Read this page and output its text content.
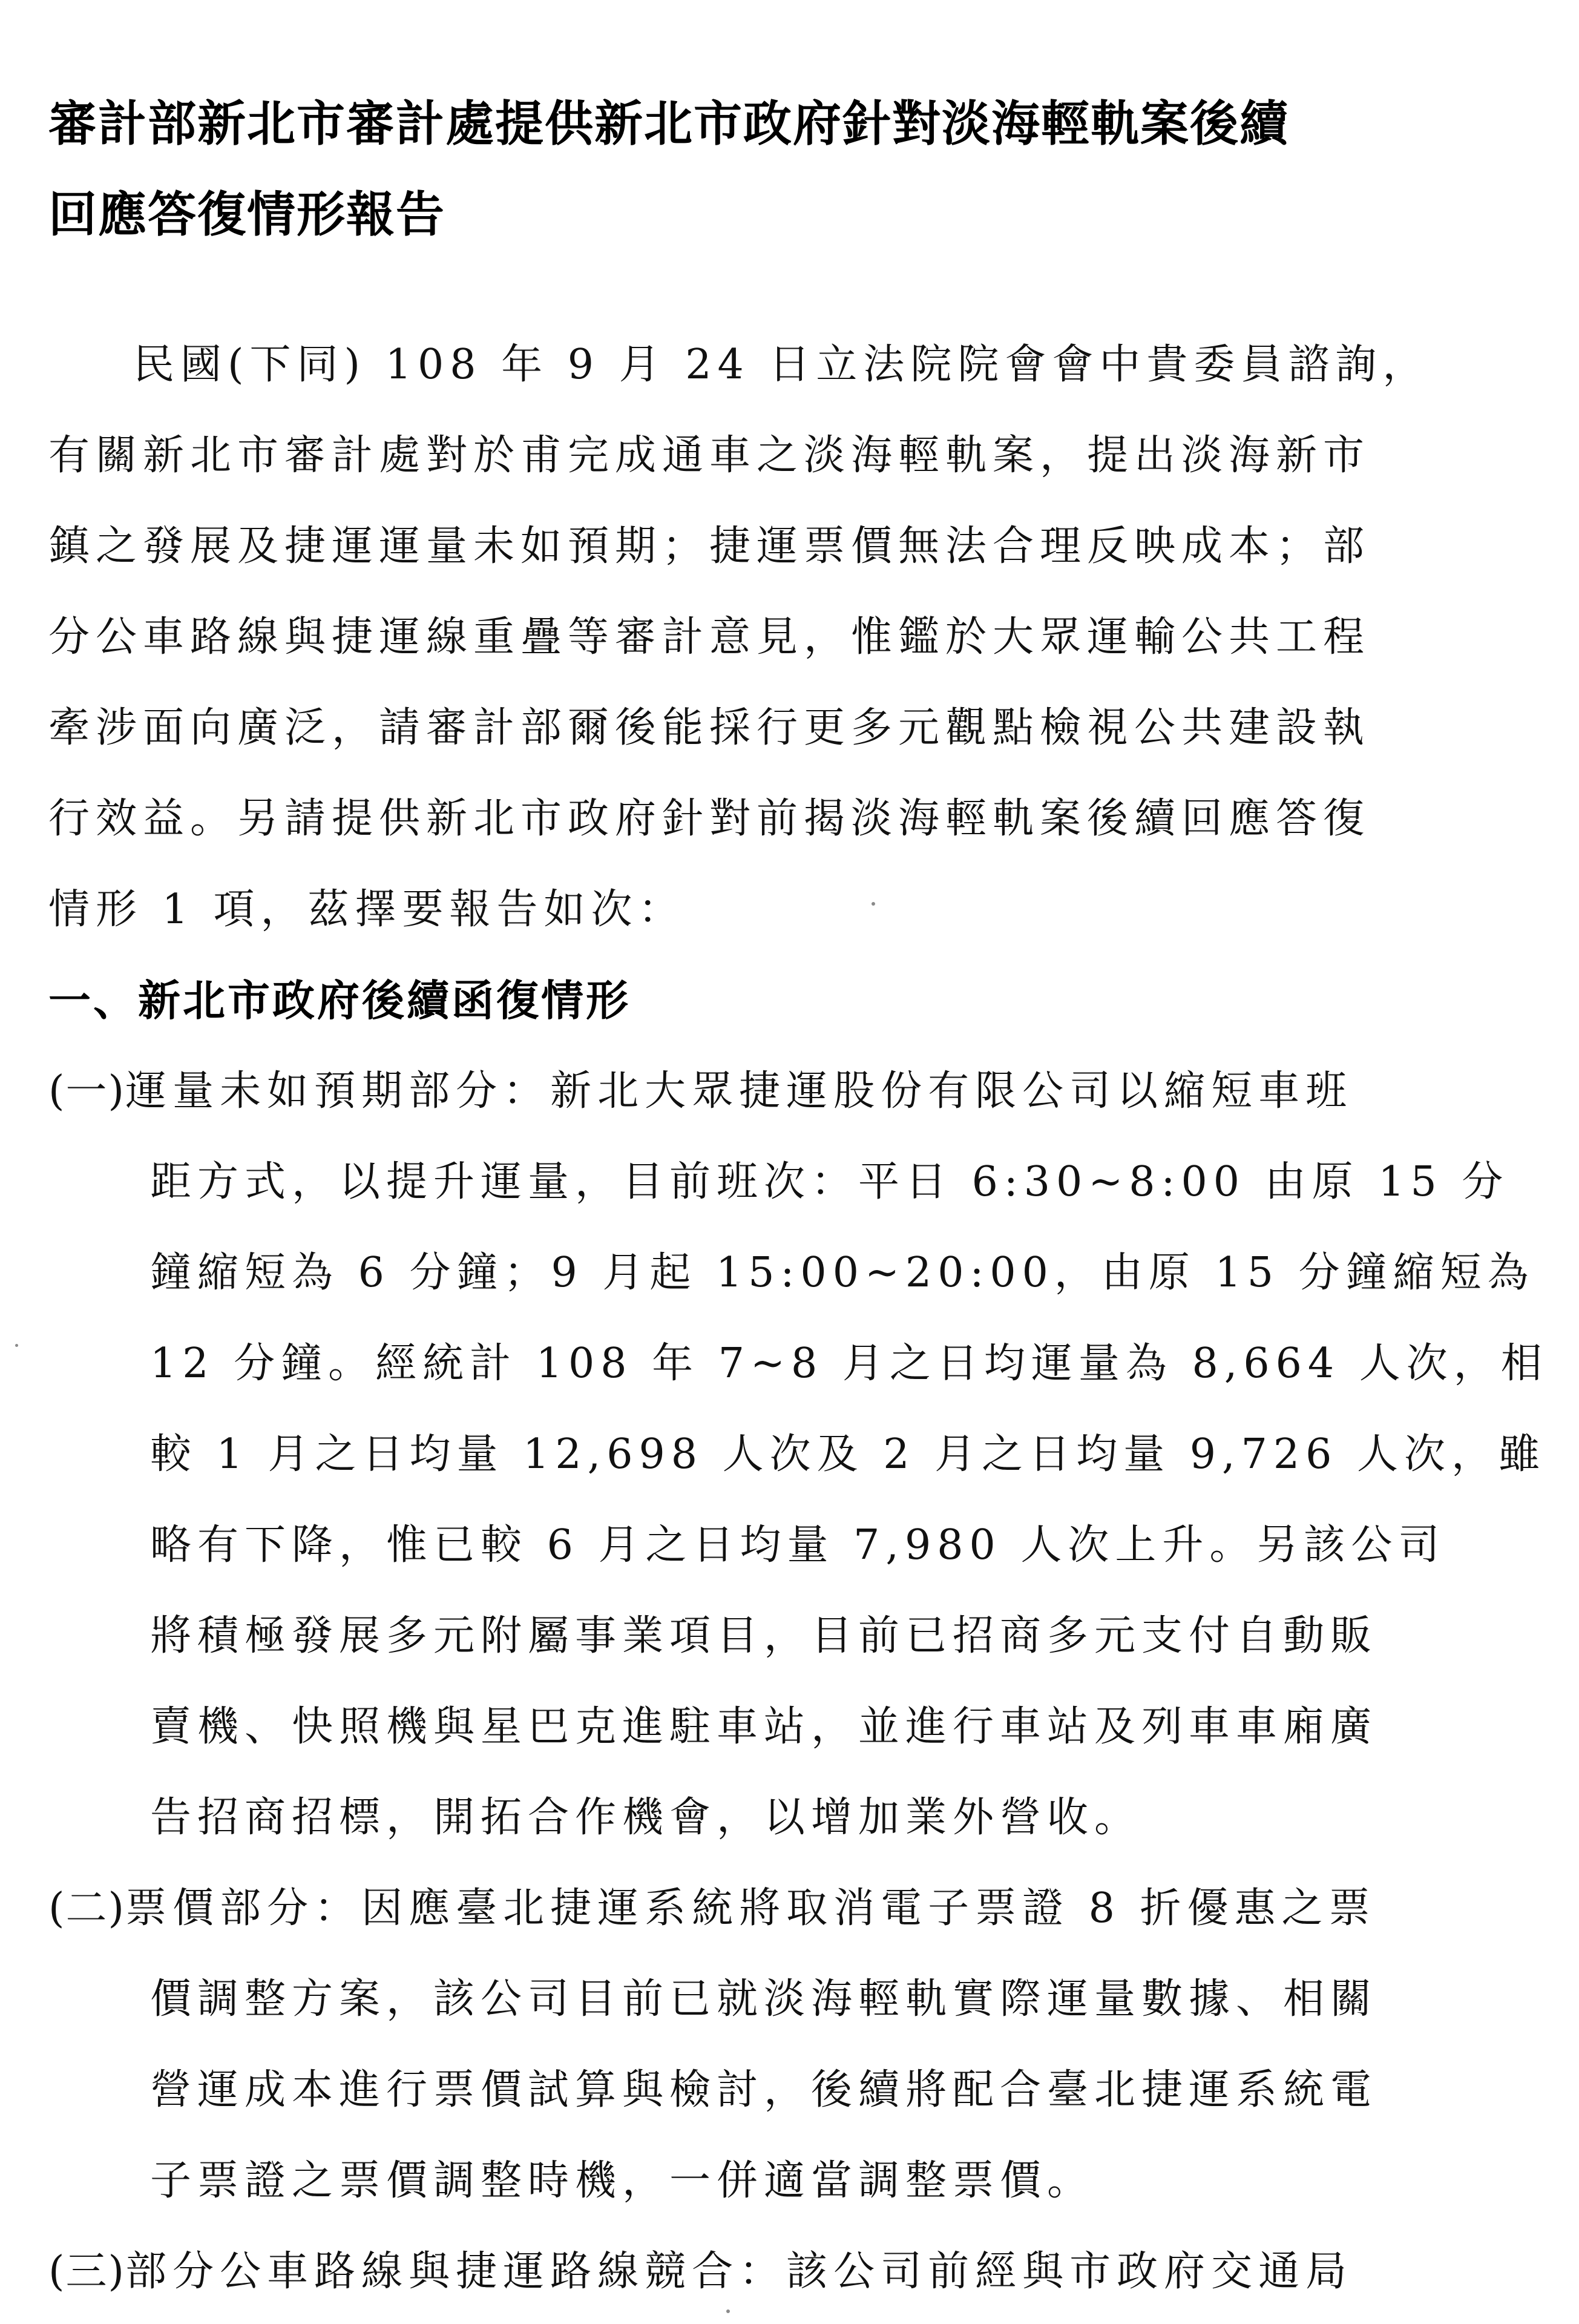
審計部新北市審計處提供新北市政府針對淡海輕軌案後續
回應答復情形報告
民國(下同) 108 年 9 月 24 日立法院院會會中貴委員諮詢，
有關新北市審計處對於甫完成通車之淡海輕軌案，提出淡海新市
鎮之發展及捷運運量未如預期；捷運票價無法合理反映成本；部
分公車路線與捷運線重疊等審計意見，惟鑑於大眾運輸公共工程
牽涉面向廣泛，請審計部爾後能採行更多元觀點檢視公共建設執
行效益。另請提供新北市政府針對前揭淡海輕軌案後續回應答復
情形 1 項，茲擇要報告如次：
一、新北市政府後續函復情形
(一)運量未如預期部分：新北大眾捷運股份有限公司以縮短車班
距方式，以提升運量，目前班次：平日 6:30~8:00 由原 15 分
鐘縮短為 6 分鐘；9 月起 15:00~20:00，由原 15 分鐘縮短為
12 分鐘。經統計 108 年 7~8 月之日均運量為 8,664 人次，相
較 1 月之日均量 12,698 人次及 2 月之日均量 9,726 人次，雖
略有下降，惟已較 6 月之日均量 7,980 人次上升。另該公司
將積極發展多元附屬事業項目，目前已招商多元支付自動販
賣機、快照機與星巴克進駐車站，並進行車站及列車車廂廣
告招商招標，開拓合作機會，以增加業外營收。
(二)票價部分：因應臺北捷運系統將取消電子票證 8 折優惠之票
價調整方案，該公司目前已就淡海輕軌實際運量數據、相關
營運成本進行票價試算與檢討，後續將配合臺北捷運系統電
子票證之票價調整時機，一併適當調整票價。
(三)部分公車路線與捷運路線競合：該公司前經與市政府交通局
